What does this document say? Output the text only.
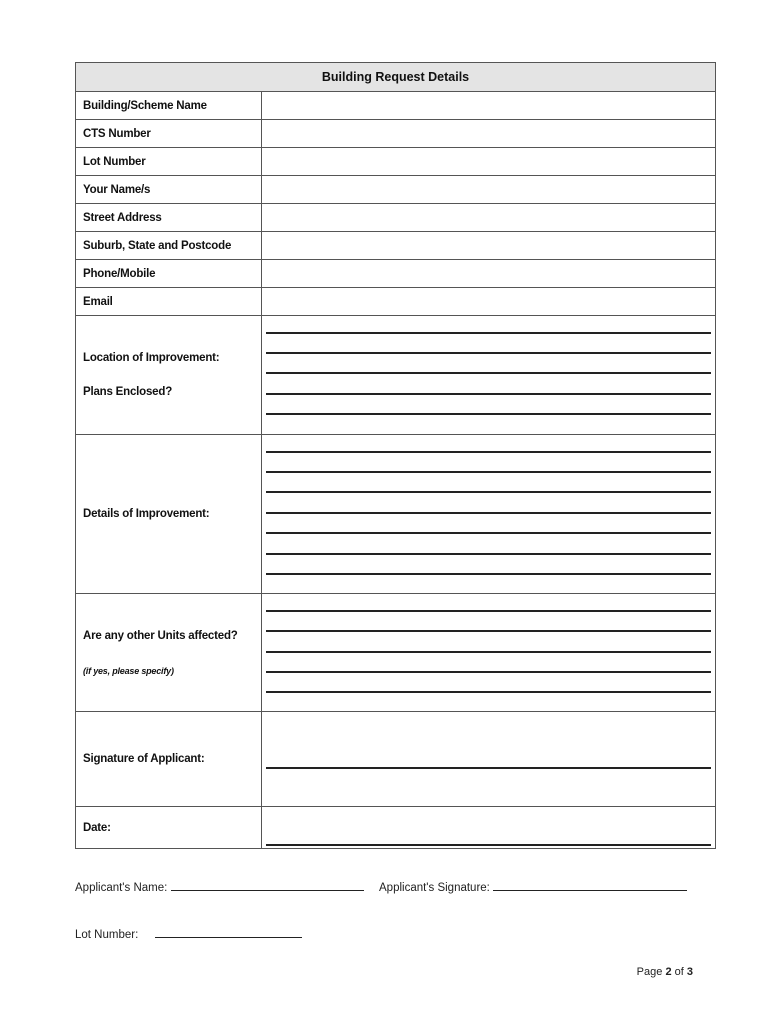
Building Request Details
Building/Scheme Name
CTS Number
Lot Number
Your Name/s
Street Address
Suburb, State and Postcode
Phone/Mobile
Email
Location of Improvement:
Plans Enclosed?
Details of Improvement:
Are any other Units affected?
(if yes, please specify)
Signature of Applicant:
Date:
Applicant's Name:	Applicant's Signature:
Lot Number:
Page 2 of 3
